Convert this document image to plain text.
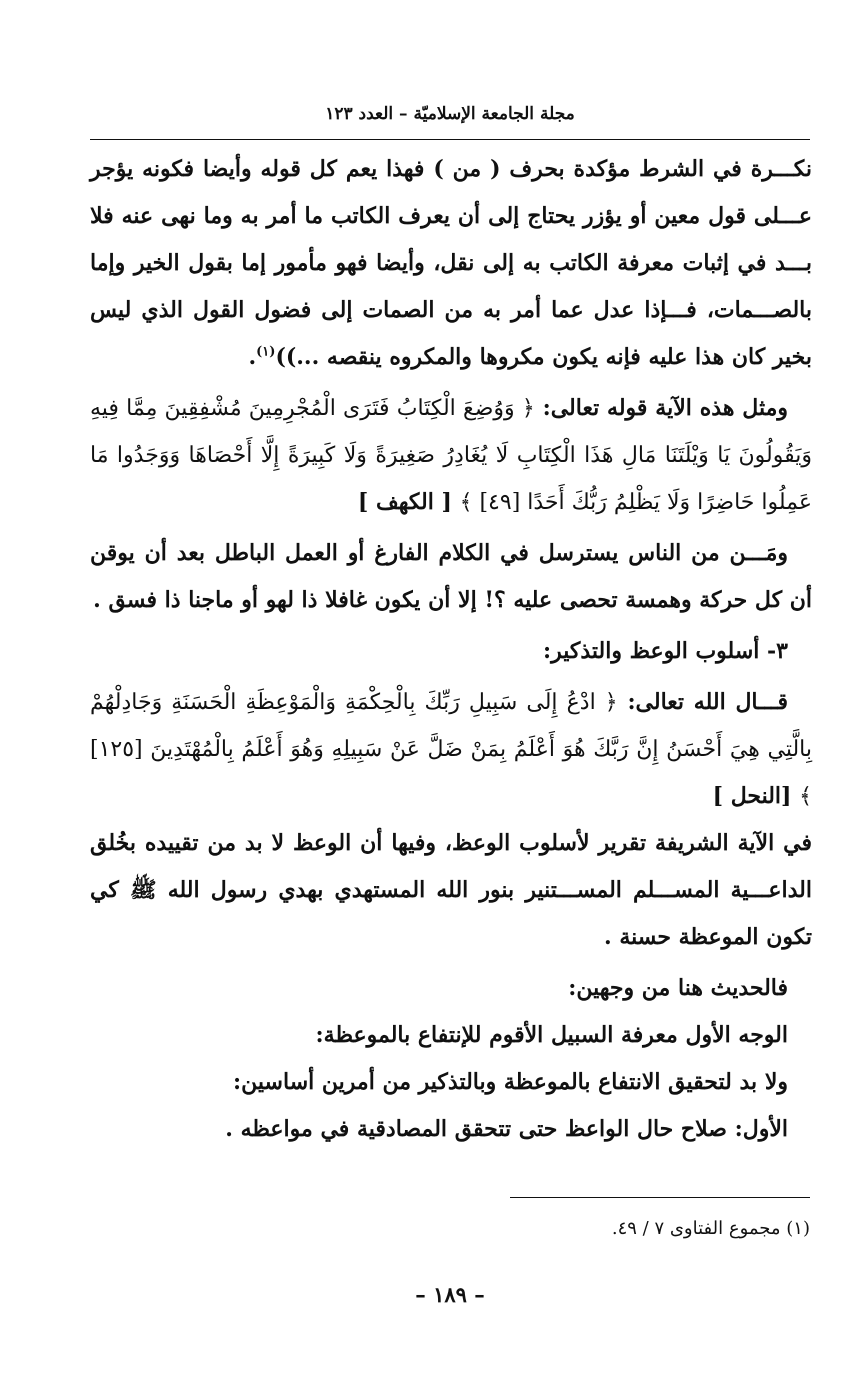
مجلة الجامعة الإسلاميّة – العدد ١٢٣

نكـــرة في الشرط مؤكدة بحرف ( من ) فهذا يعم كل قوله وأيضا فكونه يؤجر عـــلى قول معين أو يؤزر يحتاج إلى أن يعرف الكاتب ما أمر به وما نهى عنه فلا بـــد في إثبات معرفة الكاتب به إلى نقل، وأيضا فهو مأمور إما بقول الخير وإما بالصـــمات، فـــإذا عدل عما أمر به من الصمات إلى فضول القول الذي ليس بخير كان هذا عليه فإنه يكون مكروها والمكروه ينقصه ...))$^{(١)}$.

ومثل هذه الآية قوله تعالى: ﴿ وَوُضِعَ الْكِتَابُ فَتَرَى الْمُجْرِمِينَ مُشْفِقِينَ مِمَّا فِيهِ وَيَقُولُونَ يَا وَيْلَتَنَا مَالِ هَذَا الْكِتَابِ لَا يُغَادِرُ صَغِيرَةً وَلَا كَبِيرَةً إِلَّا أَحْصَاهَا وَوَجَدُوا مَا عَمِلُوا حَاضِرًا وَلَا يَظْلِمُ رَبُّكَ أَحَدًا [٤٩] ﴾ [ الكهف ]

ومَـــن من الناس يسترسل في الكلام الفارغ أو العمل الباطل بعد أن يوقن أن كل حركة وهمسة تحصى عليه ؟! إلا أن يكون غافلا ذا لهو أو ماجنا ذا فسق .

٣- أسلوب الوعظ والتذكير:

قـــال الله تعالى: ﴿ ادْعُ إِلَى سَبِيلِ رَبِّكَ بِالْحِكْمَةِ وَالْمَوْعِظَةِ الْحَسَنَةِ وَجَادِلْهُمْ بِالَّتِي هِيَ أَحْسَنُ إِنَّ رَبَّكَ هُوَ أَعْلَمُ بِمَنْ ضَلَّ عَنْ سَبِيلِهِ وَهُوَ أَعْلَمُ بِالْمُهْتَدِينَ [١٢٥] ﴾ [النحل ]

في الآية الشريفة تقرير لأسلوب الوعظ، وفيها أن الوعظ لا بد من تقييده بخُلق الداعـــية المســـلم المســـتنير بنور الله المستهدي بهدي رسول الله ﷺ كي تكون الموعظة حسنة .

فالحديث هنا من وجهين:

الوجه الأول معرفة السبيل الأقوم للإنتفاع بالموعظة:

ولا بد لتحقيق الانتفاع بالموعظة وبالتذكير من أمرين أساسين:

الأول: صلاح حال الواعظ حتى تتحقق المصادقية في مواعظه .

(١) مجموع الفتاوى ٧ / ٤٩.
– ١٨٩ –
